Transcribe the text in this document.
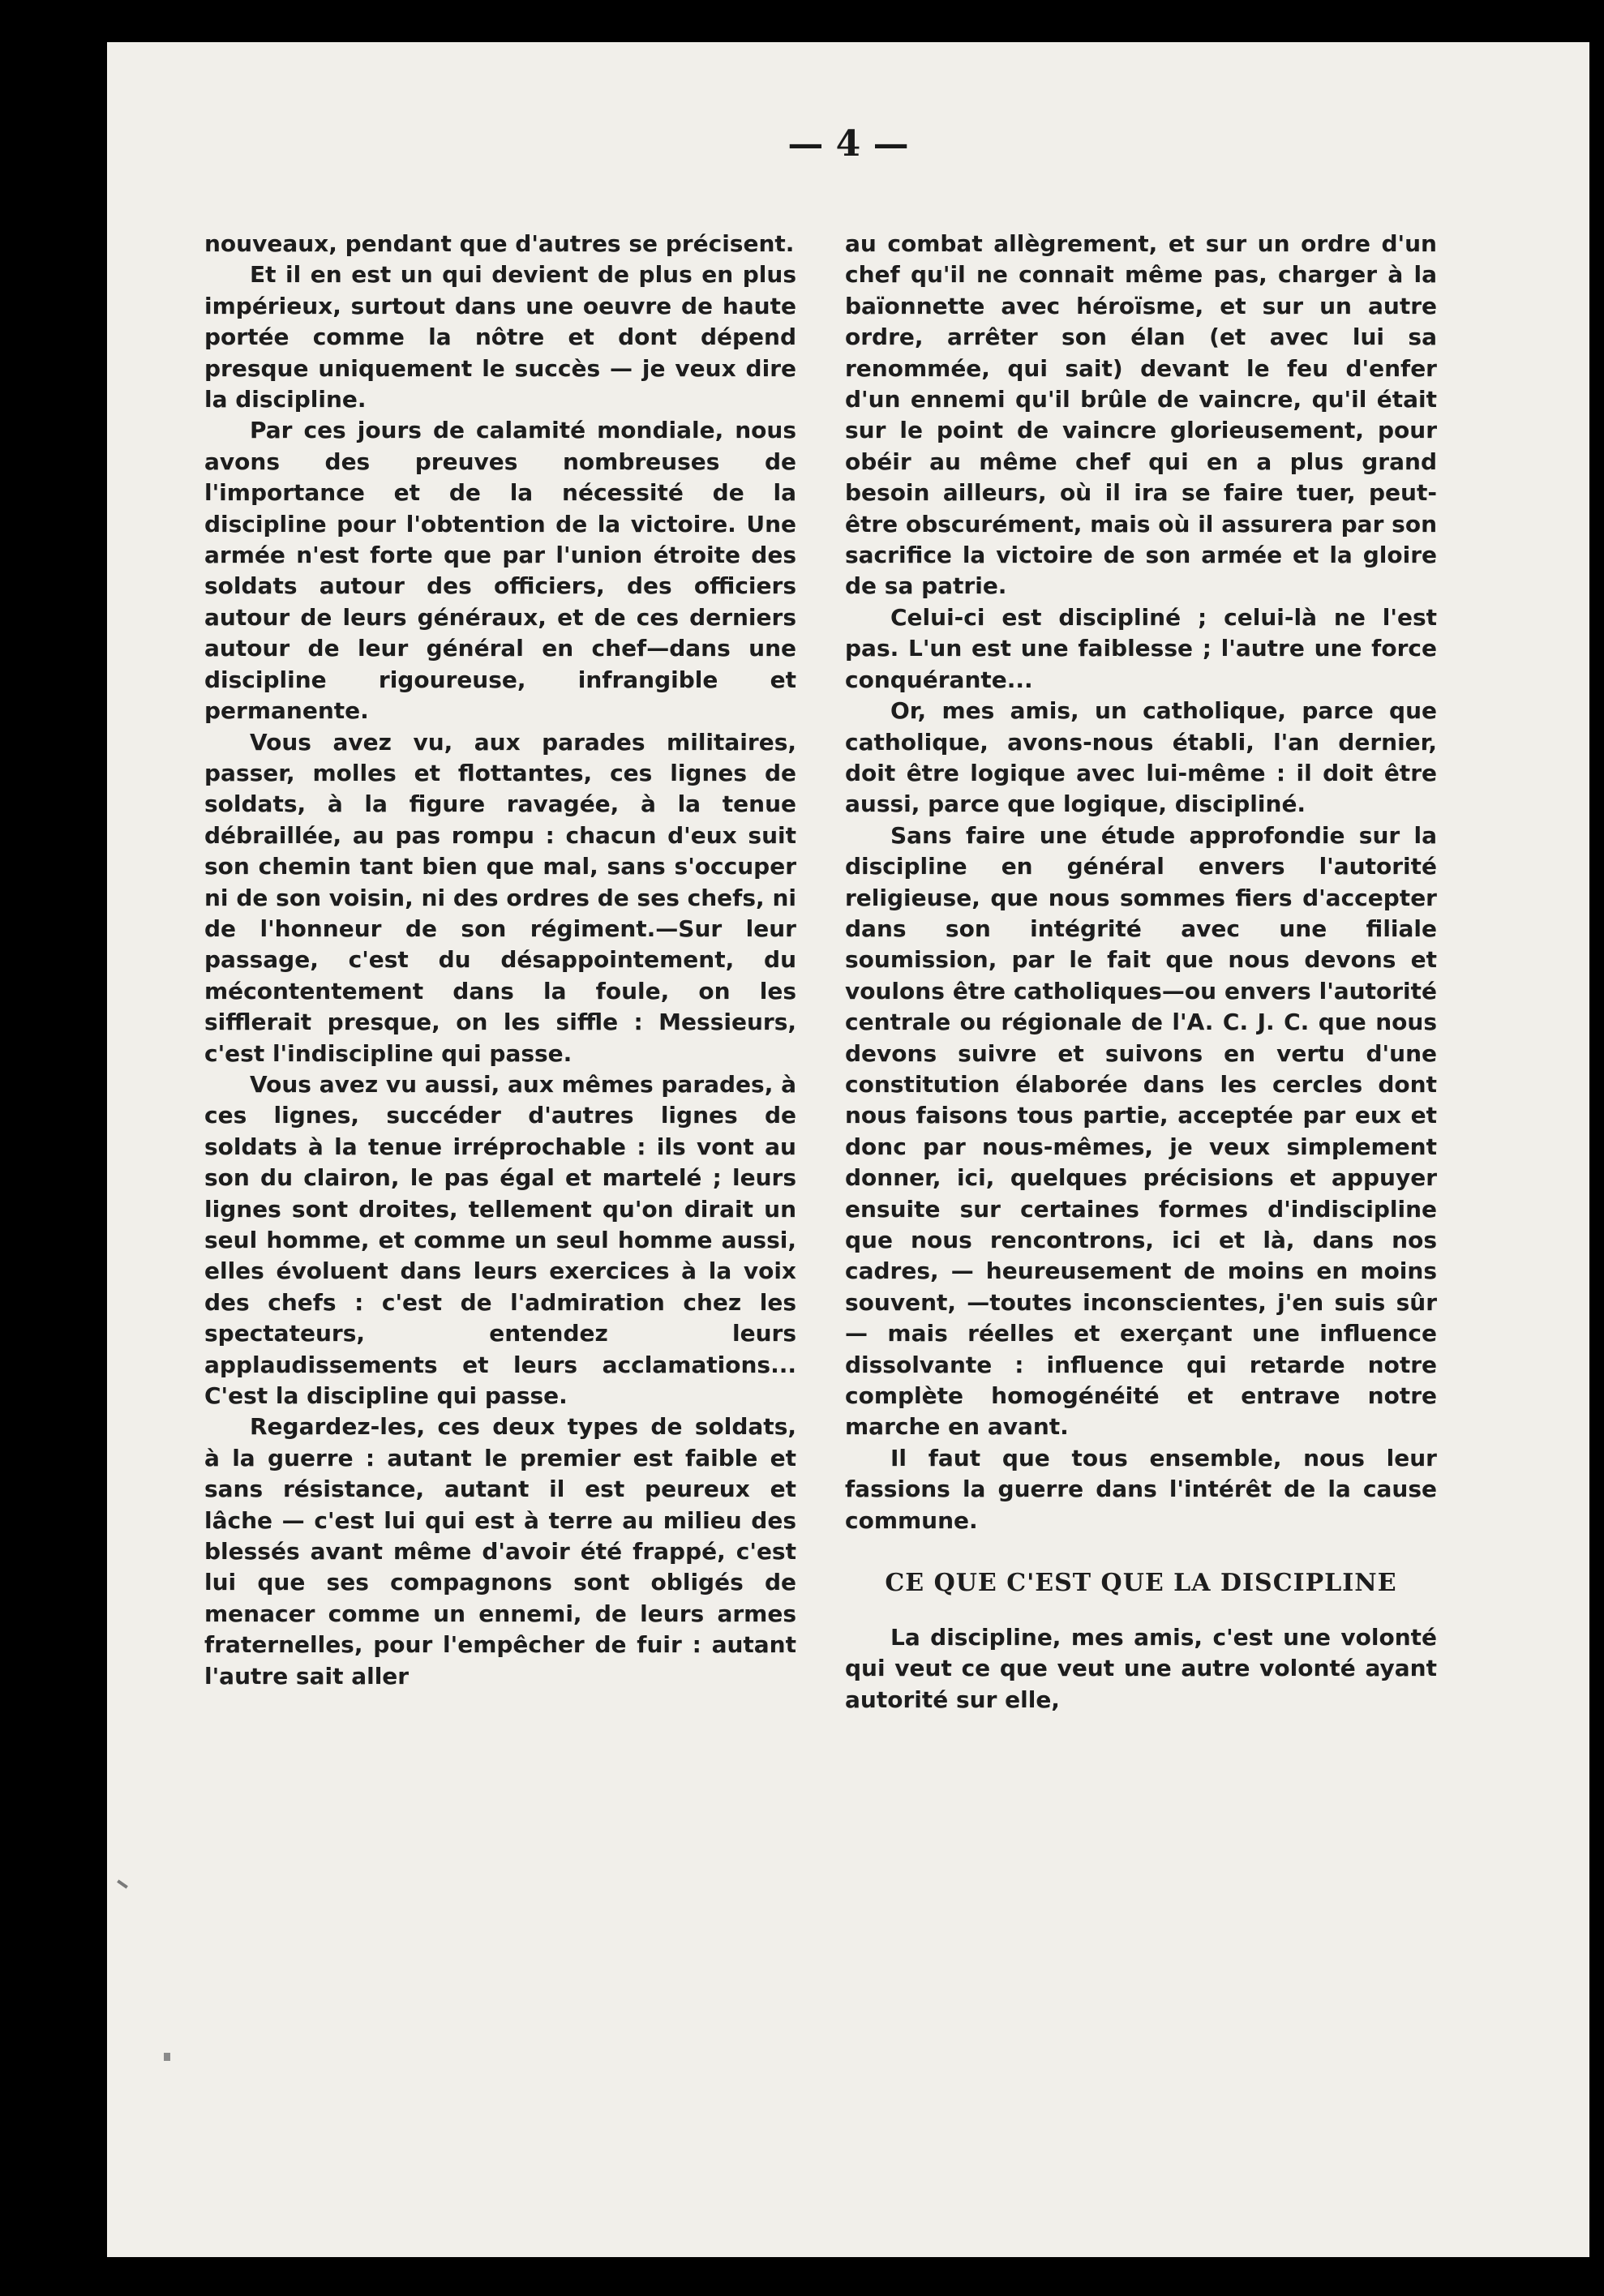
— 4 —

nouveaux, pendant que d'autres se précisent.

Et il en est un qui devient de plus en plus impérieux, surtout dans une oeuvre de haute portée comme la nôtre et dont dépend presque uniquement le succès — je veux dire la discipline.

Par ces jours de calamité mondiale, nous avons des preuves nombreuses de l'importance et de la nécessité de la discipline pour l'obtention de la victoire. Une armée n'est forte que par l'union étroite des soldats autour des officiers, des officiers autour de leurs généraux, et de ces derniers autour de leur général en chef—dans une discipline rigoureuse, infrangible et permanente.

Vous avez vu, aux parades militaires, passer, molles et flottantes, ces lignes de soldats, à la figure ravagée, à la tenue débraillée, au pas rompu : chacun d'eux suit son chemin tant bien que mal, sans s'occuper ni de son voisin, ni des ordres de ses chefs, ni de l'honneur de son régiment.—Sur leur passage, c'est du désappointement, du mécontentement dans la foule, on les sifflerait presque, on les siffle : Messieurs, c'est l'indiscipline qui passe.

Vous avez vu aussi, aux mêmes parades, à ces lignes, succéder d'autres lignes de soldats à la tenue irréprochable : ils vont au son du clairon, le pas égal et martelé ; leurs lignes sont droites, tellement qu'on dirait un seul homme, et comme un seul homme aussi, elles évoluent dans leurs exercices à la voix des chefs : c'est de l'admiration chez les spectateurs, entendez leurs applaudissements et leurs acclamations... C'est la discipline qui passe.

Regardez-les, ces deux types de soldats, à la guerre : autant le premier est faible et sans résistance, autant il est peureux et lâche — c'est lui qui est à terre au milieu des blessés avant même d'avoir été frappé, c'est lui que ses compagnons sont obligés de menacer comme un ennemi, de leurs armes fraternelles, pour l'empêcher de fuir : autant l'autre sait aller

au combat allègrement, et sur un ordre d'un chef qu'il ne connait même pas, charger à la baïonnette avec héroïsme, et sur un autre ordre, arrêter son élan (et avec lui sa renommée, qui sait) devant le feu d'enfer d'un ennemi qu'il brûle de vaincre, qu'il était sur le point de vaincre glorieusement, pour obéir au même chef qui en a plus grand besoin ailleurs, où il ira se faire tuer, peut-être obscurément, mais où il assurera par son sacrifice la victoire de son armée et la gloire de sa patrie.

Celui-ci est discipliné ; celui-là ne l'est pas. L'un est une faiblesse ; l'autre une force conquérante...

Or, mes amis, un catholique, parce que catholique, avons-nous établi, l'an dernier, doit être logique avec lui-même : il doit être aussi, parce que logique, discipliné.

Sans faire une étude approfondie sur la discipline en général envers l'autorité religieuse, que nous sommes fiers d'accepter dans son intégrité avec une filiale soumission, par le fait que nous devons et voulons être catholiques—ou envers l'autorité centrale ou régionale de l'A. C. J. C. que nous devons suivre et suivons en vertu d'une constitution élaborée dans les cercles dont nous faisons tous partie, acceptée par eux et donc par nous-mêmes, je veux simplement donner, ici, quelques précisions et appuyer ensuite sur certaines formes d'indiscipline que nous rencontrons, ici et là, dans nos cadres, — heureusement de moins en moins souvent, —toutes inconscientes, j'en suis sûr — mais réelles et exerçant une influence dissolvante : influence qui retarde notre complète homogénéité et entrave notre marche en avant.

Il faut que tous ensemble, nous leur fassions la guerre dans l'intérêt de la cause commune.

CE QUE C'EST QUE LA DISCIPLINE

La discipline, mes amis, c'est une volonté qui veut ce que veut une autre volonté ayant autorité sur elle,
